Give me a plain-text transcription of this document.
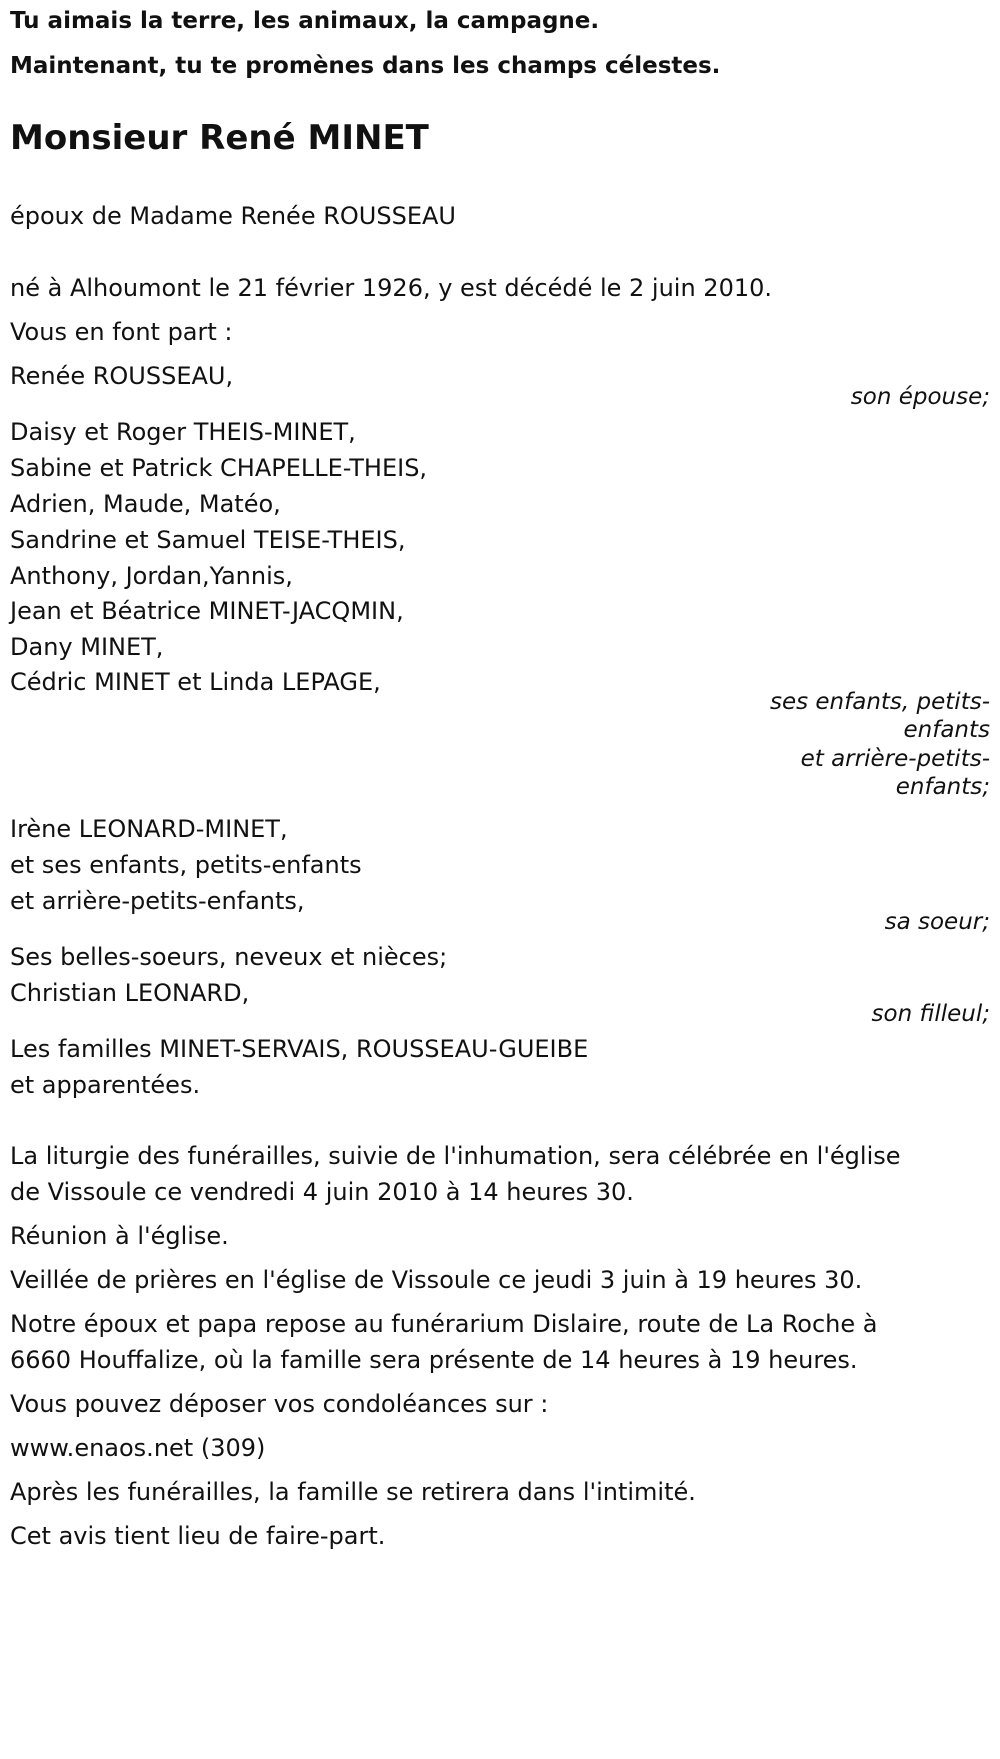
Tu aimais la terre, les animaux, la campagne.
Maintenant, tu te promènes dans les champs célestes.
Monsieur René MINET
époux de Madame Renée ROUSSEAU
né à Alhoumont le 21 février 1926, y est décédé le 2 juin 2010.
Vous en font part :
Renée ROUSSEAU,
son épouse;
Daisy et Roger THEIS-MINET,
Sabine et Patrick CHAPELLE-THEIS,
Adrien, Maude, Matéo,
Sandrine et Samuel TEISE-THEIS,
Anthony, Jordan,Yannis,
Jean et Béatrice MINET-JACQMIN,
Dany MINET,
Cédric MINET et Linda LEPAGE,
ses enfants, petits-enfants
et arrière-petits-enfants;
Irène LEONARD-MINET,
et ses enfants, petits-enfants
et arrière-petits-enfants,
sa soeur;
Ses belles-soeurs, neveux et nièces;
Christian LEONARD,
son filleul;
Les familles MINET-SERVAIS, ROUSSEAU-GUEIBE
et apparentées.
La liturgie des funérailles, suivie de l'inhumation, sera célébrée en l'église
de Vissoule ce vendredi 4 juin 2010 à 14 heures 30.
Réunion à l'église.
Veillée de prières en l'église de Vissoule ce jeudi 3 juin à 19 heures 30.
Notre époux et papa repose au funérarium Dislaire, route de La Roche à
6660 Houffalize, où la famille sera présente de 14 heures à 19 heures.
Vous pouvez déposer vos condoléances sur :
www.enaos.net (309)
Après les funérailles, la famille se retirera dans l'intimité.
Cet avis tient lieu de faire-part.
